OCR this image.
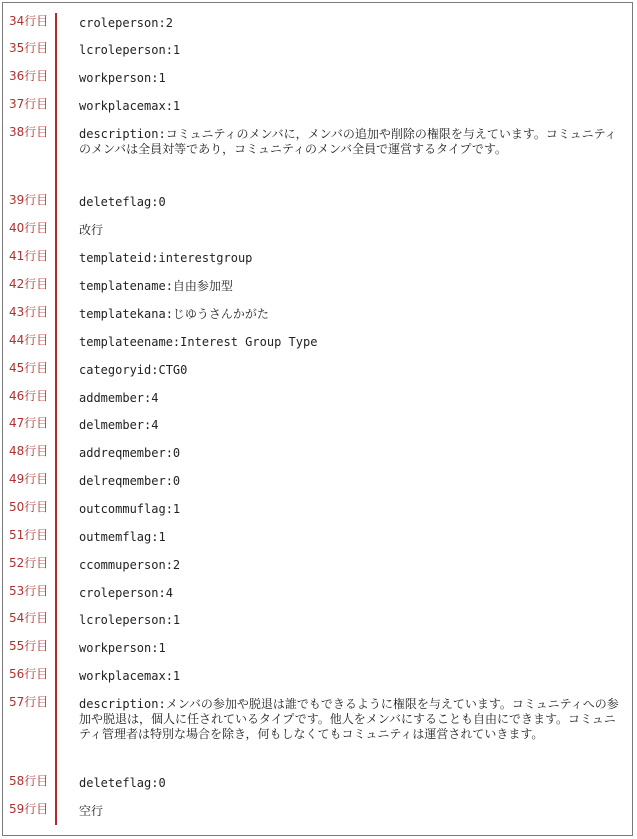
34行目	croleperson:2
35行目	lcroleperson:1
36行目	workperson:1
37行目	workplacemax:1
38行目	description:コミュニティのメンバに，メンバの追加や削除の権限を与えています。コミュニティのメンバは全員対等であり，コミュニティのメンバ全員で運営するタイプです。
39行目	deleteflag:0
40行目	改行
41行目	templateid:interestgroup
42行目	templatename:自由参加型
43行目	templatekana:じゆうさんかがた
44行目	templateename:Interest Group Type
45行目	categoryid:CTG0
46行目	addmember:4
47行目	delmember:4
48行目	addreqmember:0
49行目	delreqmember:0
50行目	outcommuflag:1
51行目	outmemflag:1
52行目	ccommuperson:2
53行目	croleperson:4
54行目	lcroleperson:1
55行目	workperson:1
56行目	workplacemax:1
57行目	description:メンバの参加や脱退は誰でもできるように権限を与えています。コミュニティへの参加や脱退は，個人に任されているタイプです。他人をメンバにすることも自由にできます。コミュニティ管理者は特別な場合を除き，何もしなくてもコミュニティは運営されていきます。
58行目	deleteflag:0
59行目	空行
